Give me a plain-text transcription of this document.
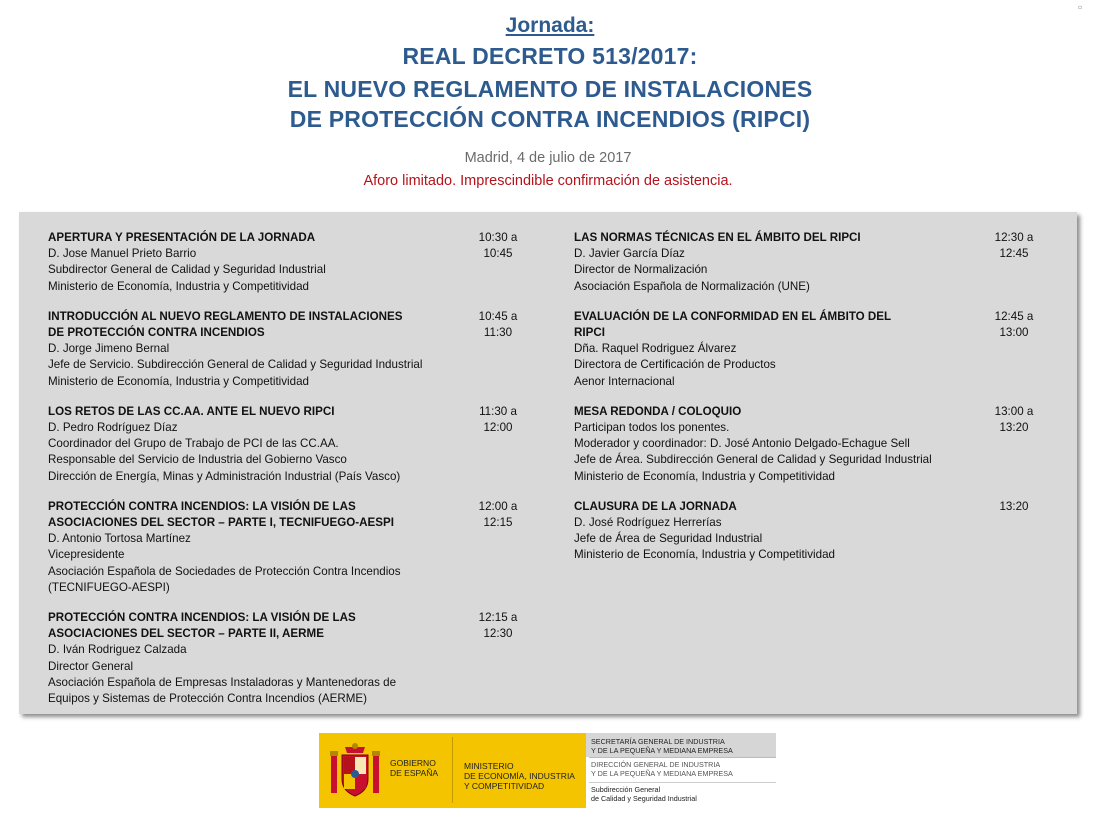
▫
Jornada:
REAL DECRETO 513/2017:
EL NUEVO REGLAMENTO DE INSTALACIONES
DE PROTECCIÓN CONTRA INCENDIOS (RIPCI)
Madrid, 4 de julio de 2017
Aforo limitado. Imprescindible confirmación de asistencia.
APERTURA Y PRESENTACIÓN DE LA JORNADA
D. Jose Manuel Prieto Barrio
Subdirector General de Calidad y Seguridad Industrial
Ministerio de Economía, Industria y Competitividad
10:30 a
10:45
INTRODUCCIÓN AL NUEVO REGLAMENTO DE INSTALACIONES DE PROTECCIÓN CONTRA INCENDIOS
D. Jorge Jimeno Bernal
Jefe de Servicio. Subdirección General de Calidad y Seguridad Industrial
Ministerio de Economía, Industria y Competitividad
10:45 a
11:30
LOS RETOS DE LAS CC.AA. ANTE EL NUEVO RIPCI
D. Pedro Rodríguez Díaz
Coordinador del Grupo de Trabajo de PCI de las CC.AA.
Responsable del Servicio de Industria del Gobierno Vasco
Dirección de Energía, Minas y Administración Industrial (País Vasco)
11:30 a
12:00
PROTECCIÓN CONTRA INCENDIOS: LA VISIÓN DE LAS ASOCIACIONES DEL SECTOR – PARTE I, TECNIFUEGO-AESPI
D. Antonio Tortosa Martínez
Vicepresidente
Asociación Española de Sociedades de Protección Contra Incendios
(TECNIFUEGO-AESPI)
12:00 a
12:15
PROTECCIÓN CONTRA INCENDIOS: LA VISIÓN DE LAS ASOCIACIONES DEL SECTOR – PARTE II, AERME
D. Iván Rodriguez Calzada
Director General
Asociación Española de Empresas Instaladoras y Mantenedoras de
Equipos y Sistemas de Protección Contra Incendios (AERME)
12:15 a
12:30
LAS NORMAS TÉCNICAS EN EL ÁMBITO DEL RIPCI
D. Javier García Díaz
Director de Normalización
Asociación Española de Normalización (UNE)
12:30 a
12:45
EVALUACIÓN DE LA CONFORMIDAD EN EL ÁMBITO DEL RIPCI
Dña. Raquel Rodriguez Álvarez
Directora de Certificación de Productos
Aenor Internacional
12:45 a
13:00
MESA REDONDA / COLOQUIO
Participan todos los ponentes.
Moderador y coordinador: D. José Antonio Delgado-Echague Sell
Jefe de Área. Subdirección General de Calidad y Seguridad Industrial
Ministerio de Economía, Industria y Competitividad
13:00 a
13:20
CLAUSURA DE LA JORNADA
D. José Rodríguez Herrerías
Jefe de Área de Seguridad Industrial
Ministerio de Economía, Industria y Competitividad
13:20
GOBIERNO
DE ESPAÑA
MINISTERIO
DE ECONOMÍA, INDUSTRIA
Y COMPETITIVIDAD
SECRETARÍA GENERAL DE INDUSTRIA
Y DE LA PEQUEÑA Y MEDIANA EMPRESA
DIRECCIÓN GENERAL DE INDUSTRIA
Y DE LA PEQUEÑA Y MEDIANA EMPRESA
Subdirección General
de Calidad y Seguridad Industrial
